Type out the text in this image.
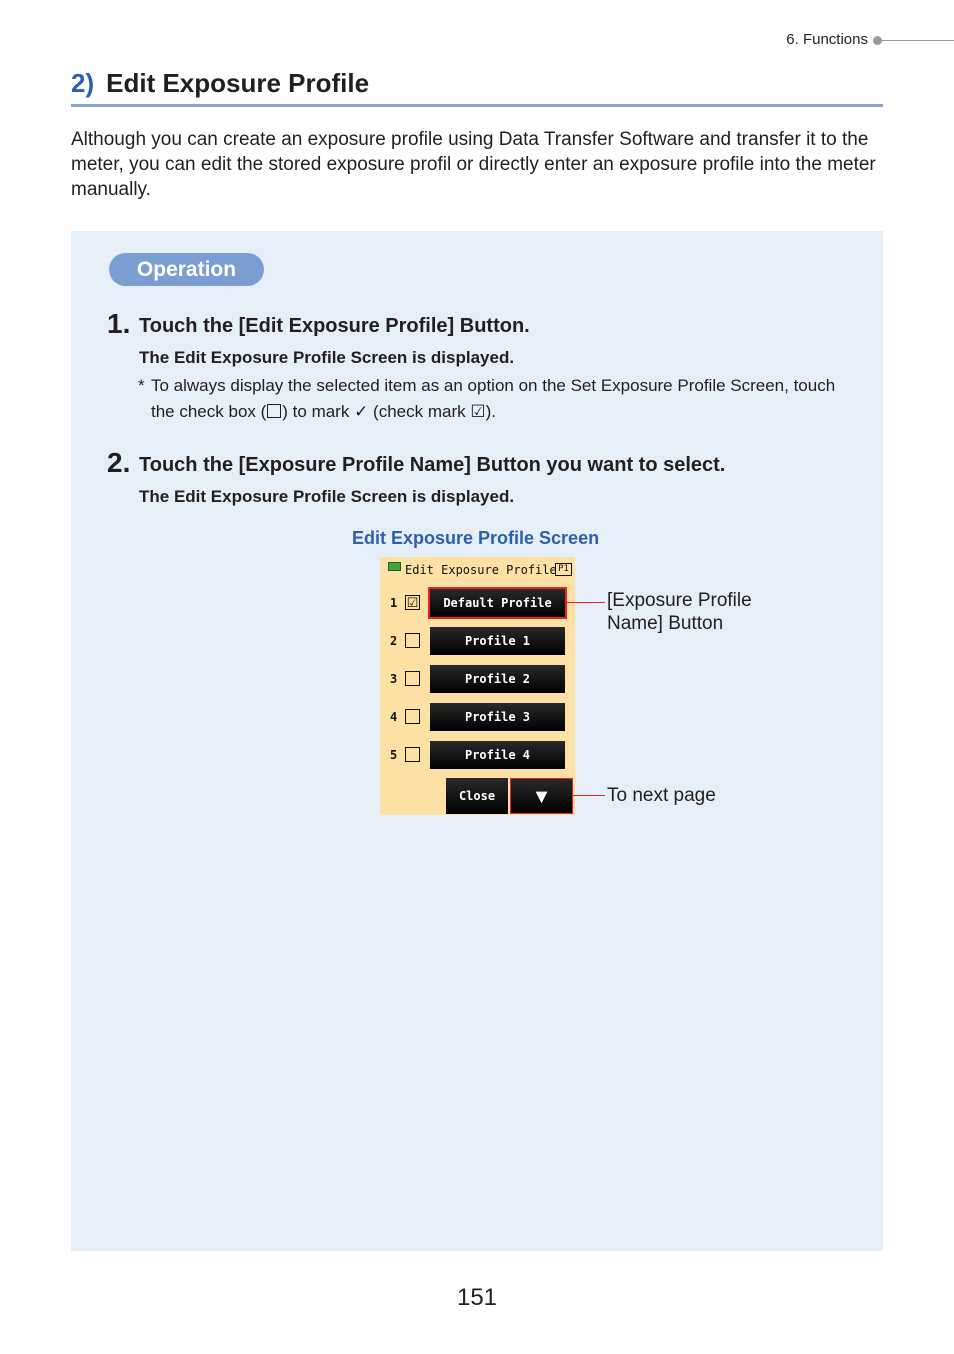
6. Functions
2) Edit Exposure Profile
Although you can create an exposure profile using Data Transfer Software and transfer it to the meter, you can edit the stored exposure profil or directly enter an exposure profile into the meter manually.
Operation
1. Touch the [Edit Exposure Profile] Button.
The Edit Exposure Profile Screen is displayed.
* To always display the selected item as an option on the Set Exposure Profile Screen, touch the check box ( ) to mark ✓ (check mark ☑).
2. Touch the [Exposure Profile Name] Button you want to select.
The Edit Exposure Profile Screen is displayed.
Edit Exposure Profile Screen
Edit Exposure Profile P1
1 ☑	Default Profile
2	Profile 1
3	Profile 2
4	Profile 3
5	Profile 4
Close	▼
[Exposure Profile Name] Button
To next page
151
